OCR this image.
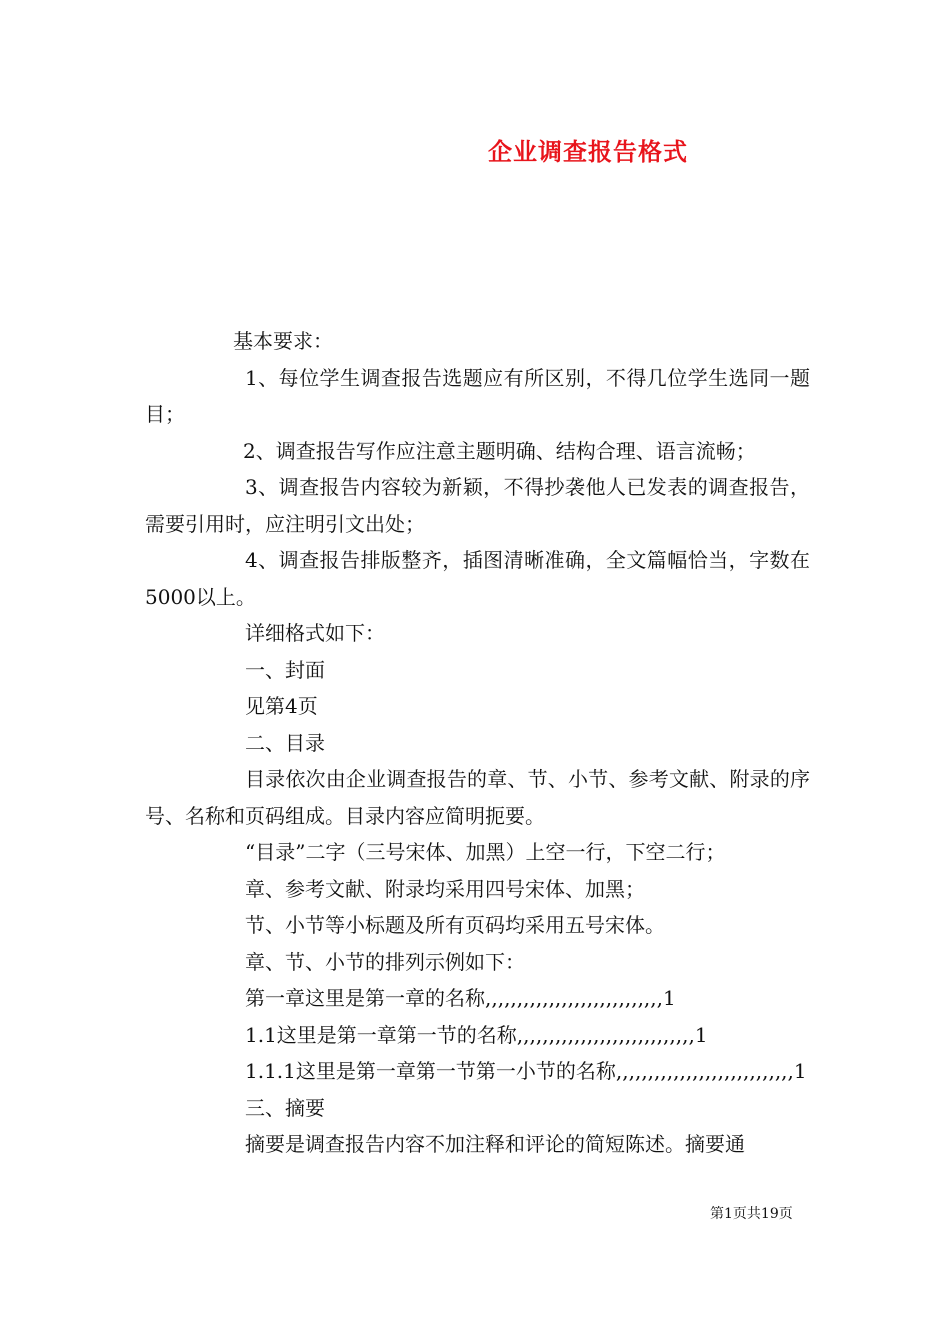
企业调查报告格式

基本要求：

1、每位学生调查报告选题应有所区别，不得几位学生选同一题目；

2、调查报告写作应注意主题明确、结构合理、语言流畅；

3、调查报告内容较为新颖，不得抄袭他人已发表的调查报告，需要引用时，应注明引文出处；

4、调查报告排版整齐，插图清晰准确，全文篇幅恰当，字数在5000以上。

详细格式如下：

一、封面

见第4页

二、目录

目录依次由企业调查报告的章、节、小节、参考文献、附录的序号、名称和页码组成。目录内容应简明扼要。

“目录”二字（三号宋体、加黑）上空一行，下空二行；

章、参考文献、附录均采用四号宋体、加黑；

节、小节等小标题及所有页码均采用五号宋体。

章、节、小节的排列示例如下：

第一章这里是第一章的名称,,,,,,,,,,,,,,,,,,,,,,,,,,,,1

1.1这里是第一章第一节的名称,,,,,,,,,,,,,,,,,,,,,,,,,,,,1

1.1.1这里是第一章第一节第一小节的名称,,,,,,,,,,,,,,,,,,,,,,,,,,,,1

三、摘要

摘要是调查报告内容不加注释和评论的简短陈述。摘要通

第1页共19页
